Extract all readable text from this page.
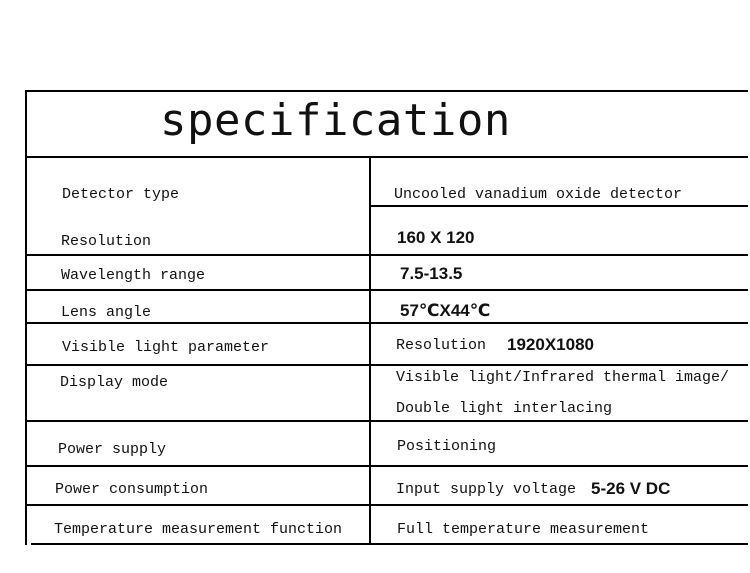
specification
Detector type	Uncooled vanadium oxide detector
Resolution	160 X 120
Wavelength range	7.5-13.5
Lens angle	57℃X44℃
Visible light parameter	Resolution 1920X1080
Display mode	Visible light/Infrared thermal image/
Double light interlacing
Power supply	Positioning
Power consumption	Input supply voltage 5-26 V DC
Temperature measurement function	Full temperature measurement
